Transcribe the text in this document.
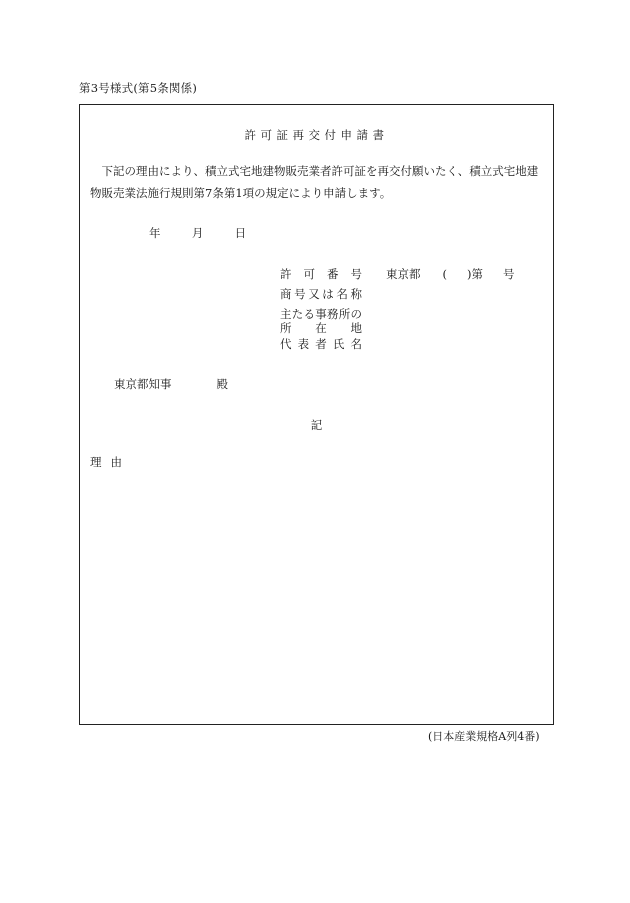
第3号様式(第5条関係)
許可証再交付申請書
下記の理由により、積立式宅地建物販売業者許可証を再交付願いたく、積立式宅地建物販売業法施行規則第7条第1項の規定により申請します。
年	月	日
許可番号 東京都 ( )第 号
商号又は名称
主たる事務所の
所在地
代表者氏名
東京都知事	殿
記
理由
(日本産業規格A列4番)
